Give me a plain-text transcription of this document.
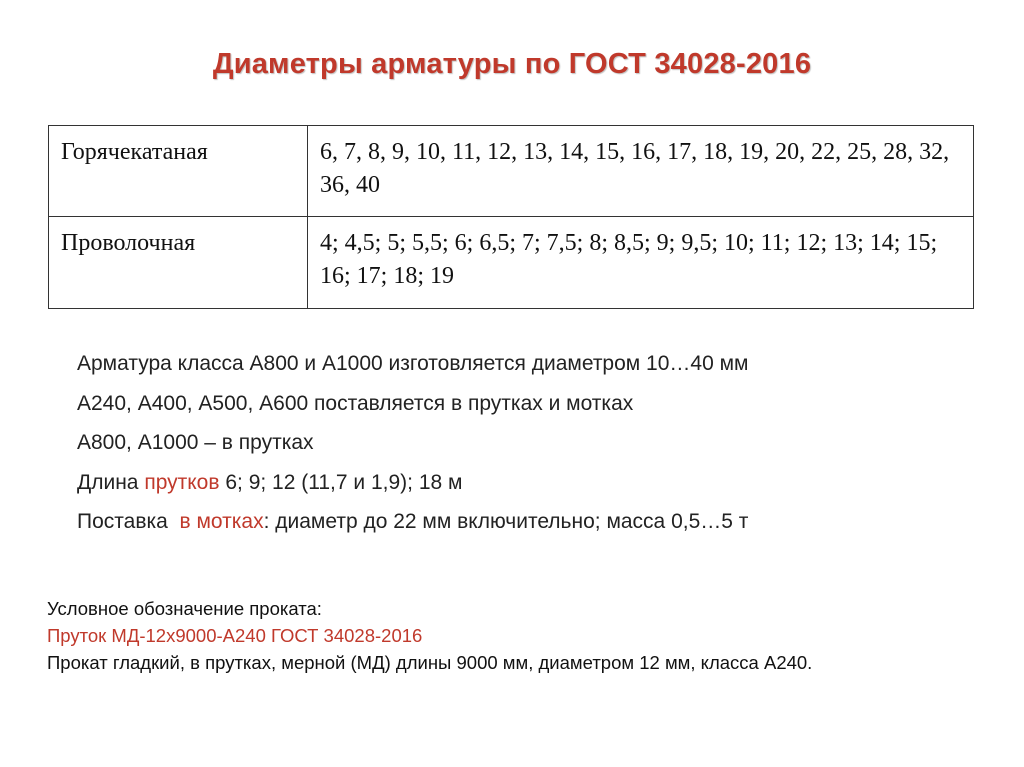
Диаметры арматуры по ГОСТ 34028-2016
Горячекатаная	6, 7, 8, 9, 10, 11, 12, 13, 14, 15, 16, 17, 18, 19, 20, 22, 25, 28, 32, 36, 40
Проволочная	4; 4,5; 5; 5,5; 6; 6,5; 7; 7,5; 8; 8,5; 9; 9,5; 10; 11; 12; 13; 14; 15; 16; 17; 18; 19
Арматура класса А800 и А1000 изготовляется диаметром 10…40 мм
А240, А400, А500, А600 поставляется в прутках и мотках
А800, А1000 – в прутках
Длина прутков 6; 9; 12 (11,7 и 1,9); 18 м
Поставка  в мотках: диаметр до 22 мм включительно; масса 0,5…5 т
Условное обозначение проката:
Пруток МД-12х9000-А240 ГОСТ 34028-2016
Прокат гладкий, в прутках, мерной (МД) длины 9000 мм, диаметром 12 мм, класса А240.
